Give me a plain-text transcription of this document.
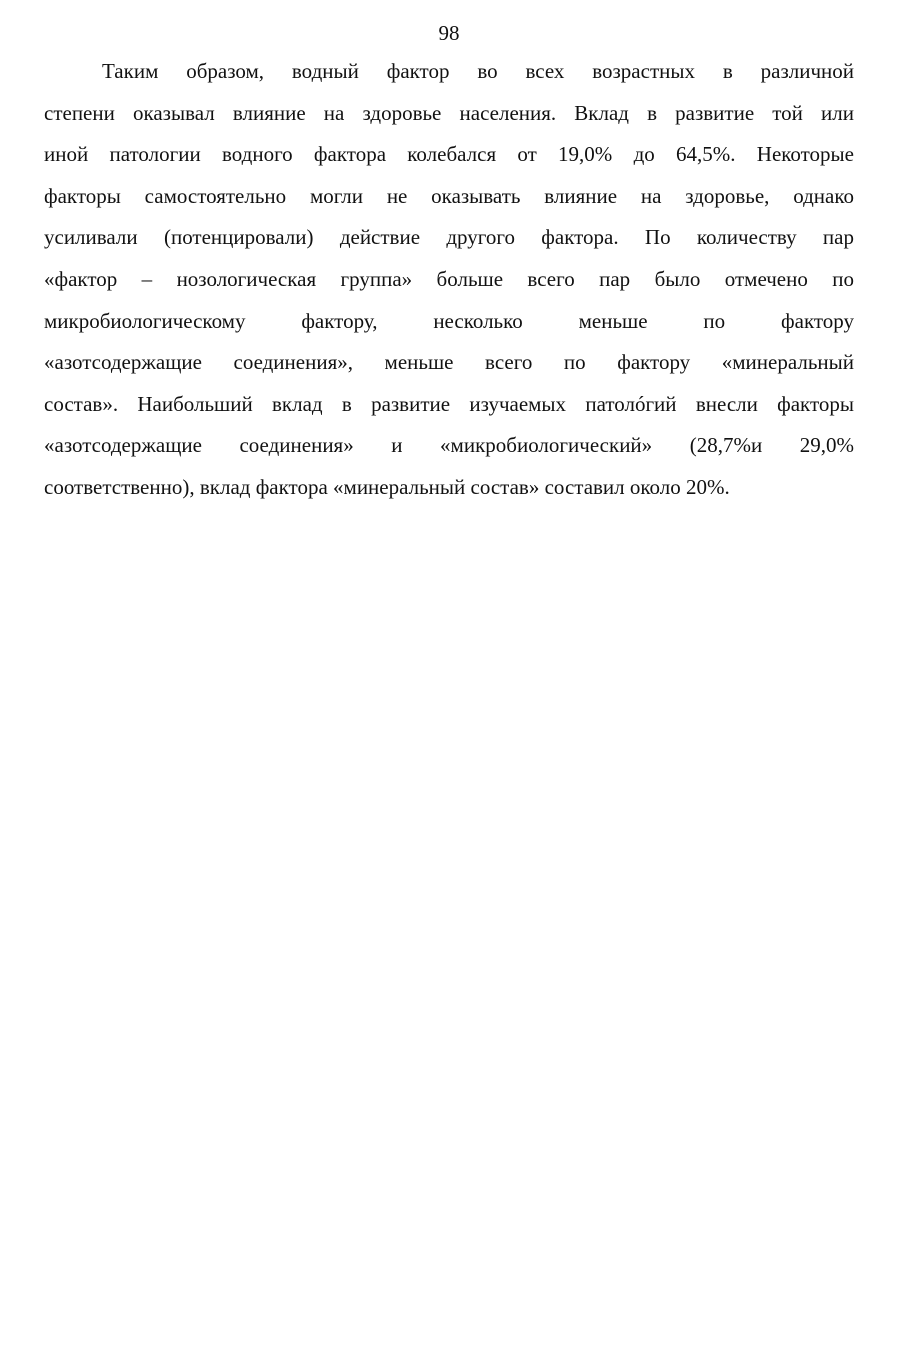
98
Таким образом, водный фактор во всех возрастных в различной
степени оказывал влияние на здоровье населения. Вклад в развитие той или
иной патологии водного фактора колебался от 19,0% до 64,5%. Некоторые
факторы самостоятельно могли не оказывать влияние на здоровье, однако
усиливали (потенцировали) действие другого фактора. По количеству пар
«фактор – нозологическая группа» больше всего пар было отмечено по
микробиологическому фактору, несколько меньше по фактору
«азотсодержащие соединения», меньше всего по фактору «минеральный
состав». Наибольший вклад в развитие изучаемых патолóгий внесли факторы
«азотсодержащие соединения» и «микробиологический» (28,7%и 29,0%
соответственно), вклад фактора «минеральный состав» составил около 20%.
